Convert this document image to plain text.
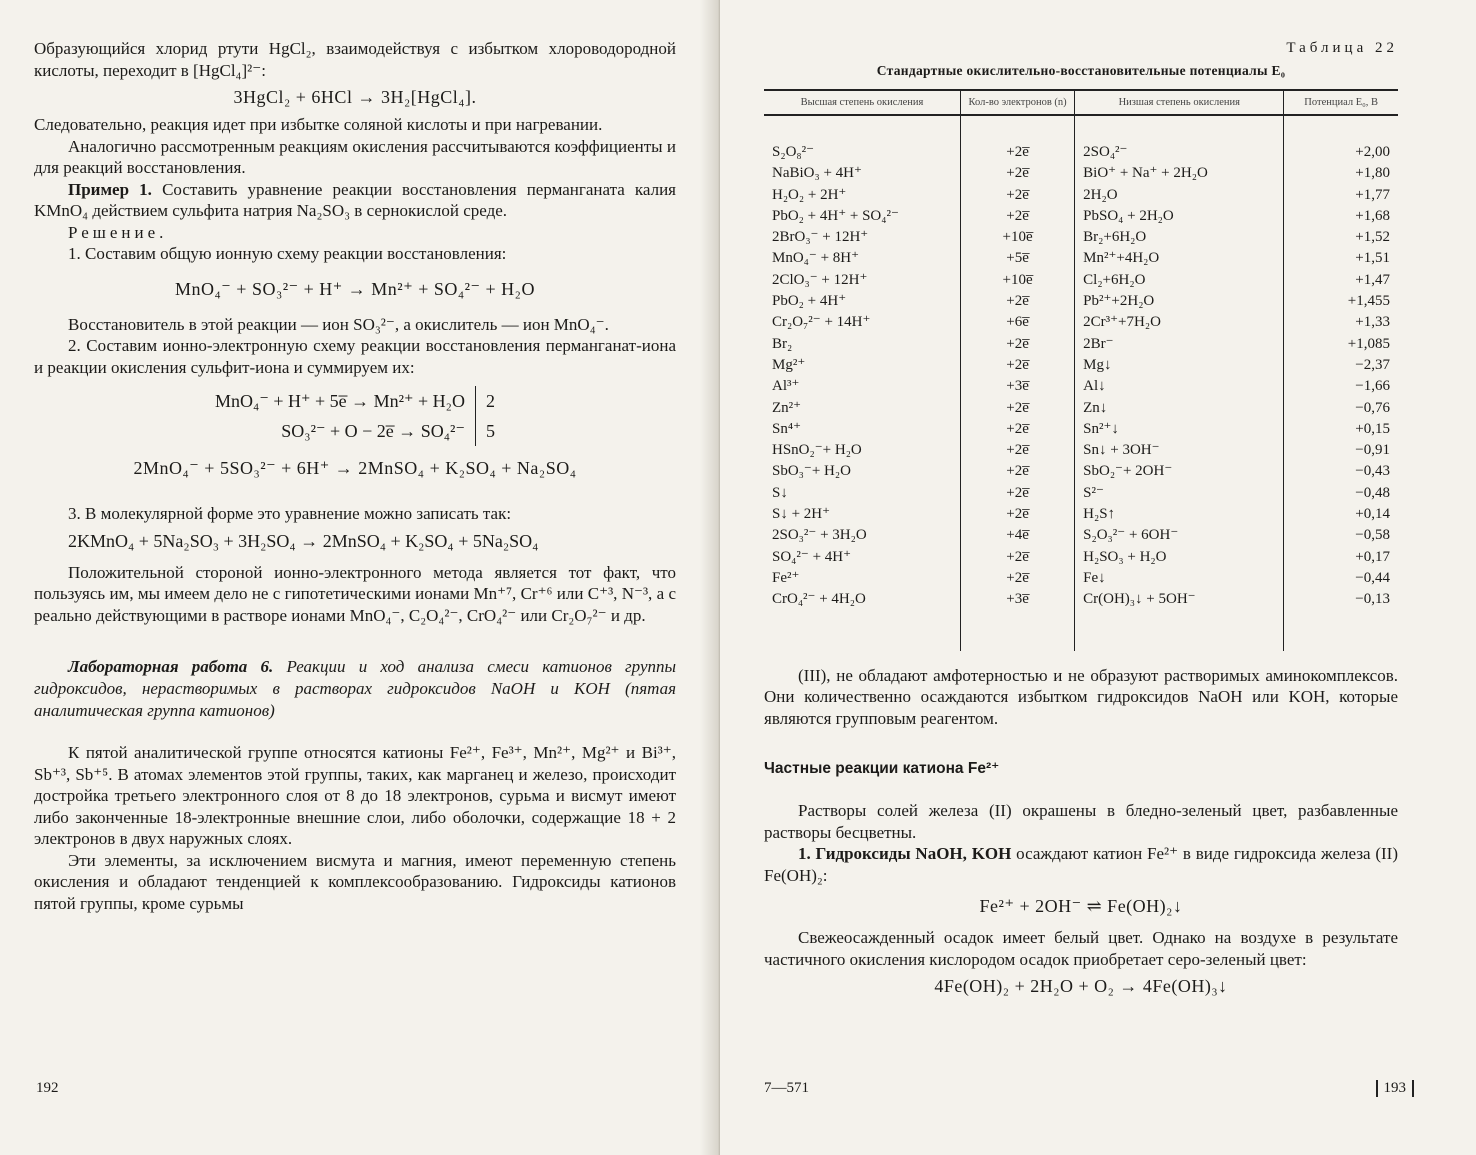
Образующийся хлорид ртути HgCl₂, взаимодействуя с избытком хлороводородной кислоты, переходит в [HgCl₄]²⁻:

3HgCl₂ + 6HCl → 3H₂[HgCl₄].

Следовательно, реакция идет при избытке соляной кислоты и при нагревании.

Аналогично рассмотренным реакциям окисления рассчитываются коэффициенты и для реакций восстановления.

Пример 1. Составить уравнение реакции восстановления перманганата калия KMnO₄ действием сульфита натрия Na₂SO₃ в сернокислой среде.

Решение.

1. Составим общую ионную схему реакции восстановления:

MnO₄⁻ + SO₃²⁻ + H⁺ → Mn²⁺ + SO₄²⁻ + H₂O

Восстановитель в этой реакции — ион SO₃²⁻, а окислитель — ион MnO₄⁻.

2. Составим ионно-электронную схему реакции восстановления перманганат-иона и реакции окисления сульфит-иона и суммируем их:

MnO₄⁻ + H⁺ + 5e̅ → Mn²⁺ + H₂O
SO₃²⁻ + O − 2e̅ → SO₄²⁻
2
5
2MnO₄⁻ + 5SO₃²⁻ + 6H⁺ → 2MnSO₄ + K₂SO₄ + Na₂SO₄

3. В молекулярной форме это уравнение можно записать так:

2KMnO₄ + 5Na₂SO₃ + 3H₂SO₄ → 2MnSO₄ + K₂SO₄ + 5Na₂SO₄

Положительной стороной ионно-электронного метода является тот факт, что пользуясь им, мы имеем дело не с гипотетическими ионами Mn⁺⁷, Cr⁺⁶ или C⁺³, N⁻³, а с реально действующими в растворе ионами MnO₄⁻, C₂O₄²⁻, CrO₄²⁻ или Cr₂O₇²⁻ и др.

Лабораторная работа 6. Реакции и ход анализа смеси катионов группы гидроксидов, нерастворимых в растворах гидроксидов NaOH и KOH (пятая аналитическая группа катионов)

К пятой аналитической группе относятся катионы Fe²⁺, Fe³⁺, Mn²⁺, Mg²⁺ и Bi³⁺, Sb⁺³, Sb⁺⁵. В атомах элементов этой группы, таких, как марганец и железо, происходит достройка третьего электронного слоя от 8 до 18 электронов, сурьма и висмут имеют либо законченные 18-электронные внешние слои, либо оболочки, содержащие 18 + 2 электронов в двух наружных слоях.

Эти элементы, за исключением висмута и магния, имеют переменную степень окисления и обладают тенденцией к комплексообразованию. Гидроксиды катионов пятой группы, кроме сурьмы

192
Таблица 22
Стандартные окислительно-восстановительные потенциалы E₀
Высшая степень окисления	Кол-во электронов (n)	Низшая степень окисления	Потенциал E₀, В

S₂O₈²⁻	+2e̅	2SO₄²⁻	+2,00
NaBiO₃ + 4H⁺	+2e̅	BiO⁺ + Na⁺ + 2H₂O	+1,80
H₂O₂ + 2H⁺	+2e̅	2H₂O	+1,77
PbO₂ + 4H⁺ + SO₄²⁻	+2e̅	PbSO₄ + 2H₂O	+1,68
2BrO₃⁻ + 12H⁺	+10e̅	Br₂+6H₂O	+1,52
MnO₄⁻ + 8H⁺	+5e̅	Mn²⁺+4H₂O	+1,51
2ClO₃⁻ + 12H⁺	+10e̅	Cl₂+6H₂O	+1,47
PbO₂ + 4H⁺	+2e̅	Pb²⁺+2H₂O	+1,455
Cr₂O₇²⁻ + 14H⁺	+6e̅	2Cr³⁺+7H₂O	+1,33
Br₂	+2e̅	2Br⁻	+1,085
Mg²⁺	+2e̅	Mg↓	−2,37
Al³⁺	+3e̅	Al↓	−1,66
Zn²⁺	+2e̅	Zn↓	−0,76
Sn⁴⁺	+2e̅	Sn²⁺↓	+0,15
HSnO₂⁻+ H₂O	+2e̅	Sn↓ + 3OH⁻	−0,91
SbO₃⁻+ H₂O	+2e̅	SbO₂⁻+ 2OH⁻	−0,43
S↓	+2e̅	S²⁻	−0,48
S↓ + 2H⁺	+2e̅	H₂S↑	+0,14
2SO₃²⁻ + 3H₂O	+4e̅	S₂O₃²⁻ + 6OH⁻	−0,58
SO₄²⁻ + 4H⁺	+2e̅	H₂SO₃ + H₂O	+0,17
Fe²⁺	+2e̅	Fe↓	−0,44
CrO₄²⁻ + 4H₂O	+3e̅	Cr(OH)₃↓ + 5OH⁻	−0,13

(III), не обладают амфотерностью и не образуют растворимых аминокомплексов. Они количественно осаждаются избытком гидроксидов NaOH или KOH, которые являются групповым реагентом.

Частные реакции катиона Fe²⁺

Растворы солей железа (II) окрашены в бледно-зеленый цвет, разбавленные растворы бесцветны.

1. Гидроксиды NaOH, KOH осаждают катион Fe²⁺ в виде гидроксида железа (II) Fe(OH)₂:

Fe²⁺ + 2OH⁻ ⇌ Fe(OH)₂↓

Свежеосажденный осадок имеет белый цвет. Однако на воздухе в результате частичного окисления кислородом осадок приобретает серо-зеленый цвет:

4Fe(OH)₂ + 2H₂O + O₂ → 4Fe(OH)₃↓
7—571	193
